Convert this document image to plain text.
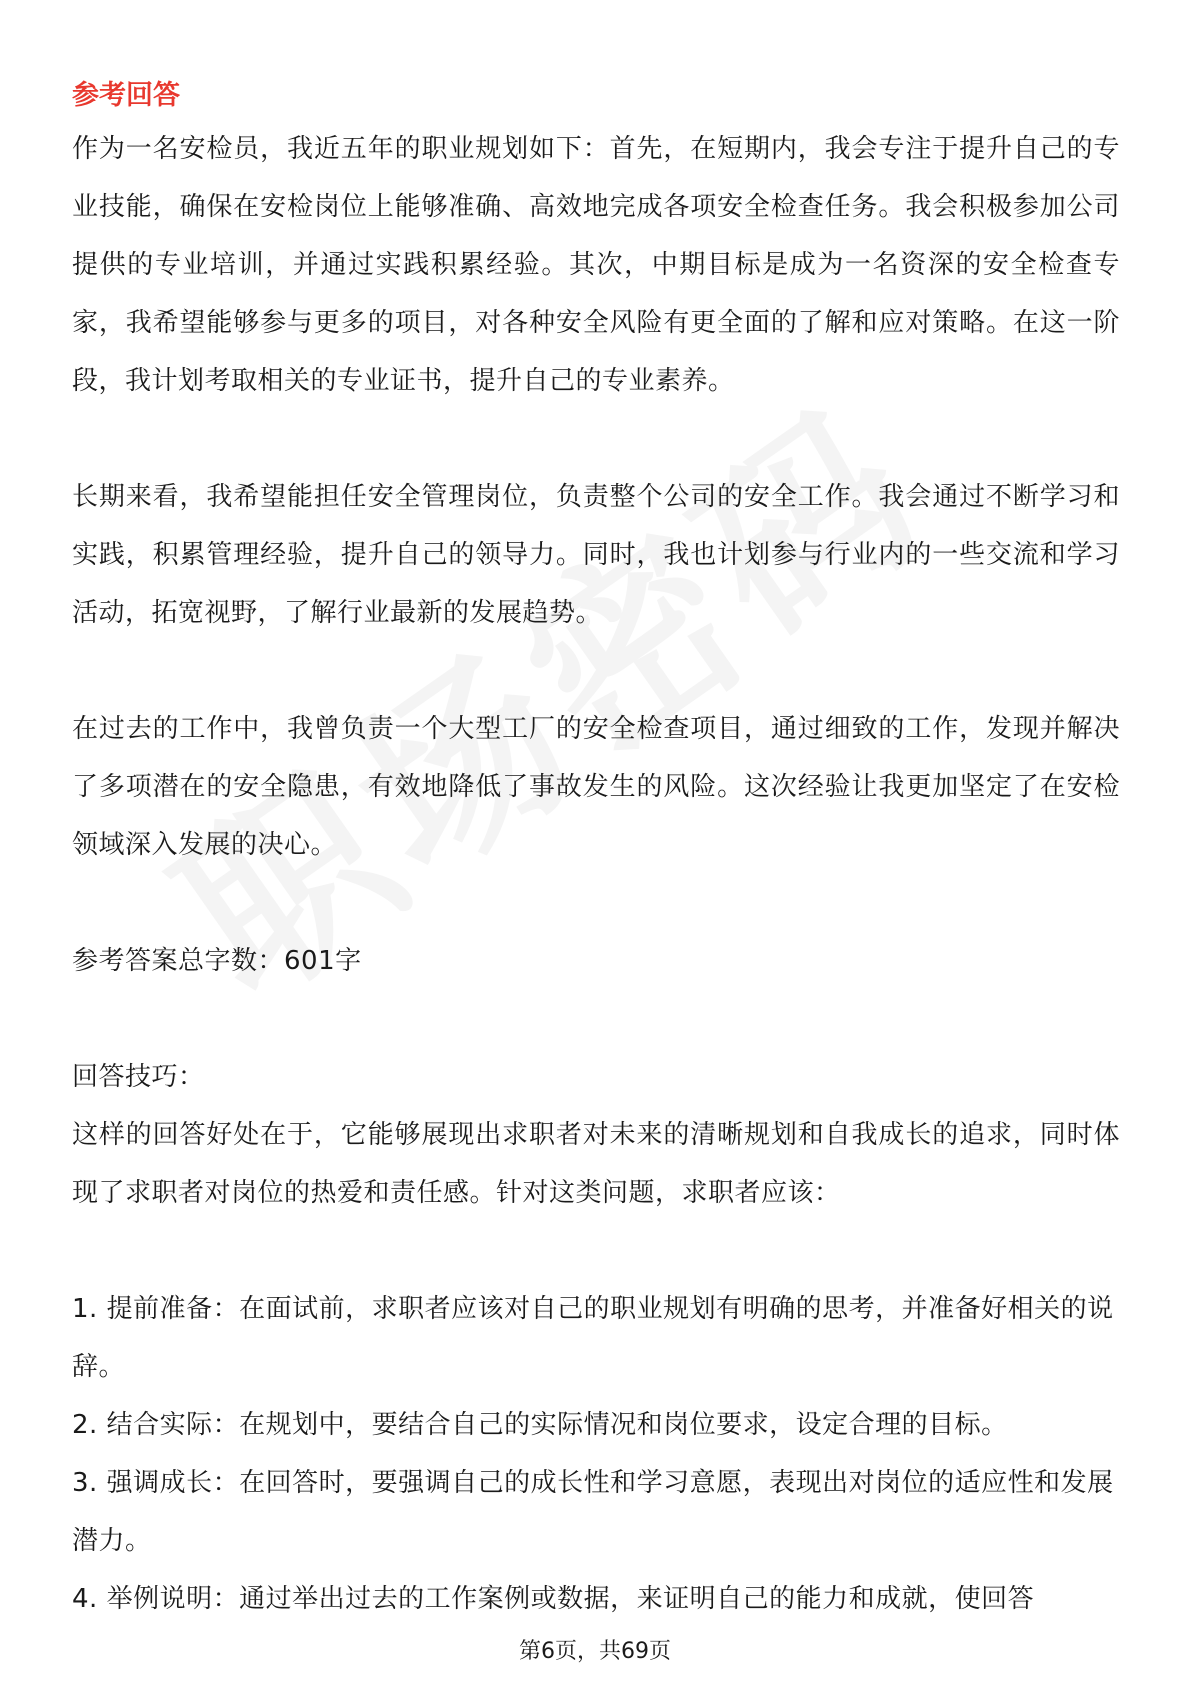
参考回答

作为一名安检员，我近五年的职业规划如下：首先，在短期内，我会专注于提升自己的专业技能，确保在安检岗位上能够准确、高效地完成各项安全检查任务。我会积极参加公司提供的专业培训，并通过实践积累经验。其次，中期目标是成为一名资深的安全检查专家，我希望能够参与更多的项目，对各种安全风险有更全面的了解和应对策略。在这一阶段，我计划考取相关的专业证书，提升自己的专业素养。

长期来看，我希望能担任安全管理岗位，负责整个公司的安全工作。我会通过不断学习和实践，积累管理经验，提升自己的领导力。同时，我也计划参与行业内的一些交流和学习活动，拓宽视野，了解行业最新的发展趋势。

在过去的工作中，我曾负责一个大型工厂的安全检查项目，通过细致的工作，发现并解决了多项潜在的安全隐患，有效地降低了事故发生的风险。这次经验让我更加坚定了在安检领域深入发展的决心。

参考答案总字数：601字

回答技巧：

这样的回答好处在于，它能够展现出求职者对未来的清晰规划和自我成长的追求，同时体现了求职者对岗位的热爱和责任感。针对这类问题，求职者应该：

1. 提前准备：在面试前，求职者应该对自己的职业规划有明确的思考，并准备好相关的说辞。

2. 结合实际：在规划中，要结合自己的实际情况和岗位要求，设定合理的目标。

3. 强调成长：在回答时，要强调自己的成长性和学习意愿，表现出对岗位的适应性和发展潜力。

4. 举例说明：通过举出过去的工作案例或数据，来证明自己的能力和成就，使回答

第6页，共69页
